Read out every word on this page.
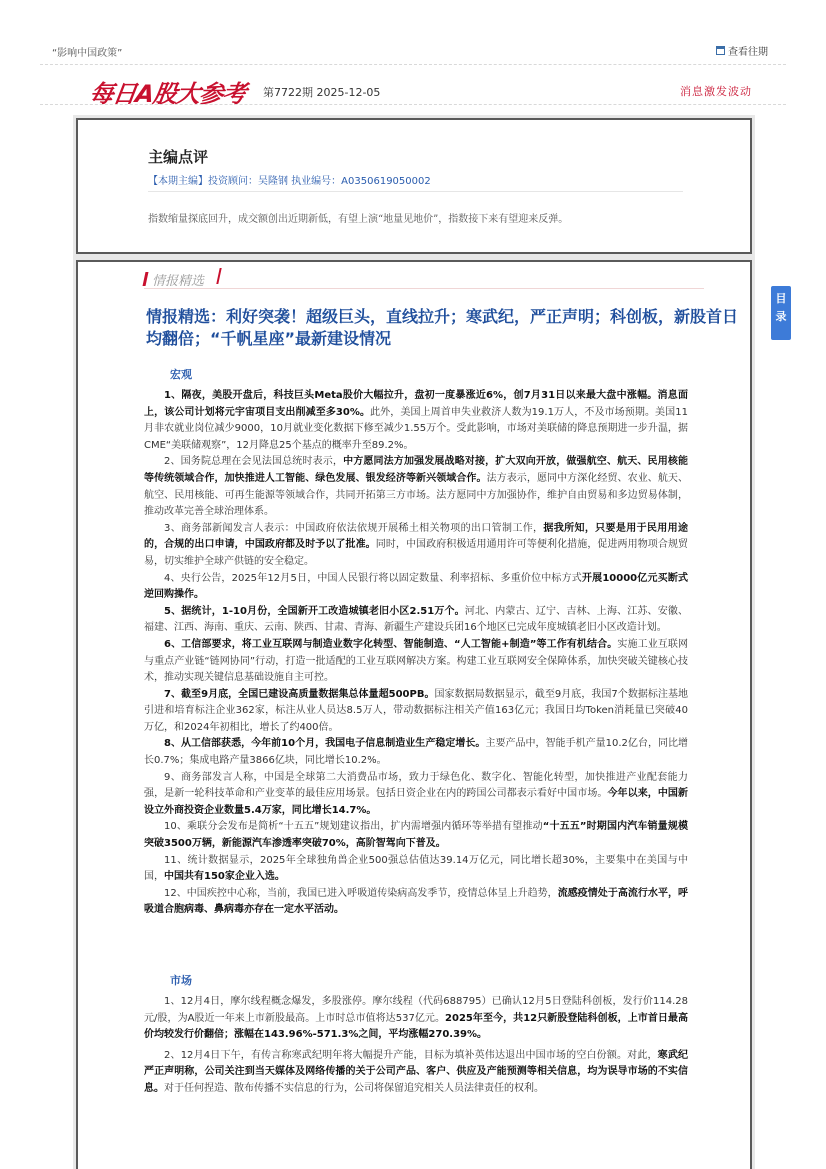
“影响中国政策”	查看往期
每日A股大参考 第7722期 2025-12-05	消息激发波动
主编点评
【本期主编】投资顾问：吴隆钢 执业编号：A0350619050002
指数缩量探底回升，成交额创出近期新低，有望上演“地量见地价”，指数接下来有望迎来反弹。
情报精选
情报精选：利好突袭！超级巨头，直线拉升；寒武纪，严正声明；科创板，新股首日均翻倍；“千帆星座”最新建设情况
宏观

1、隔夜，美股开盘后，科技巨头Meta股价大幅拉升，盘初一度暴涨近6%，创7月31日以来最大盘中涨幅。消息面上，该公司计划将元宇宙项目支出削减至多30%。此外，美国上周首申失业救济人数为19.1万人，不及市场预期。美国11月非农就业岗位减少9000，10月就业变化数据下修至减少1.55万个。受此影响，市场对美联储的降息预期进一步升温，据CME“美联储观察”，12月降息25个基点的概率升至89.2%。

2、国务院总理在会见法国总统时表示，中方愿同法方加强发展战略对接，扩大双向开放，做强航空、航天、民用核能等传统领域合作，加快推进人工智能、绿色发展、银发经济等新兴领域合作。法方表示，愿同中方深化经贸、农业、航天、航空、民用核能、可再生能源等领域合作，共同开拓第三方市场。法方愿同中方加强协作，维护自由贸易和多边贸易体制，推动改革完善全球治理体系。

3、商务部新闻发言人表示：中国政府依法依规开展稀土相关物项的出口管制工作，据我所知，只要是用于民用用途的，合规的出口申请，中国政府都及时予以了批准。同时，中国政府积极适用通用许可等便利化措施，促进两用物项合规贸易，切实维护全球产供链的安全稳定。

4、央行公告，2025年12月5日，中国人民银行将以固定数量、利率招标、多重价位中标方式开展10000亿元买断式逆回购操作。

5、据统计，1-10月份，全国新开工改造城镇老旧小区2.51万个。河北、内蒙古、辽宁、吉林、上海、江苏、安徽、福建、江西、海南、重庆、云南、陕西、甘肃、青海、新疆生产建设兵团16个地区已完成年度城镇老旧小区改造计划。

6、工信部要求，将工业互联网与制造业数字化转型、智能制造、“人工智能+制造”等工作有机结合。实施工业互联网与重点产业链“链网协同”行动，打造一批适配的工业互联网解决方案。构建工业互联网安全保障体系，加快突破关键核心技术，推动实现关键信息基础设施自主可控。

7、截至9月底，全国已建设高质量数据集总体量超500PB。国家数据局数据显示，截至9月底，我国7个数据标注基地引进和培育标注企业362家，标注从业人员达8.5万人，带动数据标注相关产值163亿元；我国日均Token消耗量已突破40万亿，和2024年初相比，增长了约400倍。

8、从工信部获悉，今年前10个月，我国电子信息制造业生产稳定增长。主要产品中，智能手机产量10.2亿台，同比增长0.7%；集成电路产量3866亿块，同比增长10.2%。

9、商务部发言人称，中国是全球第二大消费品市场，致力于绿色化、数字化、智能化转型，加快推进产业配套能力强，是新一轮科技革命和产业变革的最佳应用场景。包括日资企业在内的跨国公司都表示看好中国市场。今年以来，中国新设立外商投资企业数量5.4万家，同比增长14.7%。

10、乘联分会发布是简析“十五五”规划建议指出，扩内需增强内循环等举措有望推动“十五五”时期国内汽车销量规模突破3500万辆，新能源汽车渗透率突破70%，高阶智驾向下普及。

11、统计数据显示，2025年全球独角兽企业500强总估值达39.14万亿元，同比增长超30%，主要集中在美国与中国，中国共有150家企业入选。

12、中国疾控中心称，当前，我国已进入呼吸道传染病高发季节，疫情总体呈上升趋势，流感疫情处于高流行水平，呼吸道合胞病毒、鼻病毒亦存在一定水平活动。

市场

1、12月4日，摩尔线程概念爆发，多股涨停。摩尔线程（代码688795）已确认12月5日登陆科创板，发行价114.28元/股，为A股近一年来上市新股最高。上市时总市值将达537亿元。2025年至今，共12只新股登陆科创板，上市首日最高价均较发行价翻倍；涨幅在143.96%-571.3%之间，平均涨幅270.39%。

2、12月4日下午，有传言称寒武纪明年将大幅提升产能，目标为填补英伟达退出中国市场的空白份额。对此，寒武纪严正声明称，公司关注到当天媒体及网络传播的关于公司产品、客户、供应及产能预测等相关信息，均为误导市场的不实信息。对于任何捏造、散布传播不实信息的行为，公司将保留追究相关人员法律责任的权利。

目
录
